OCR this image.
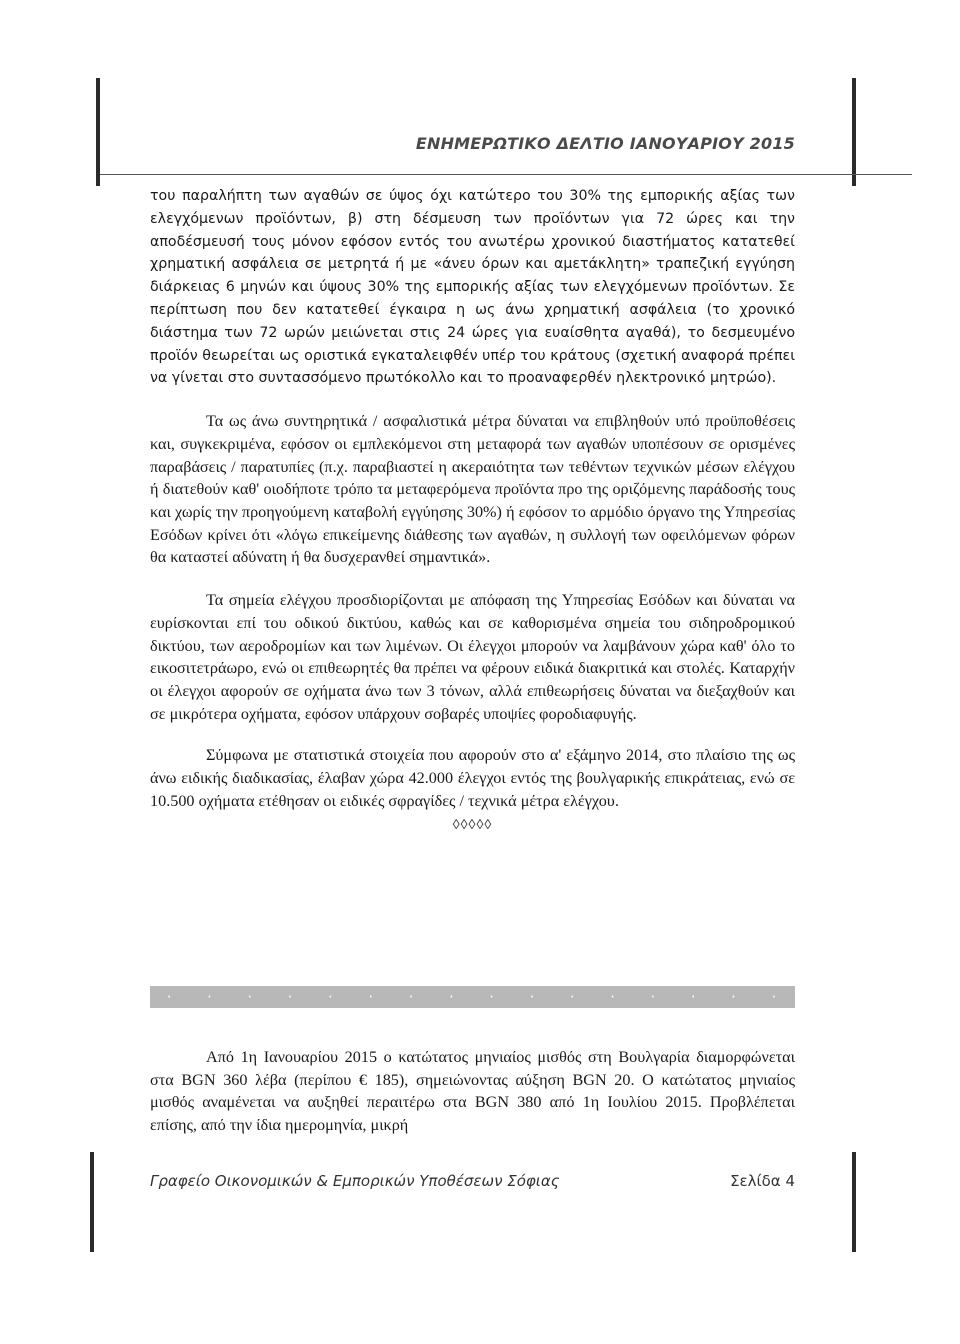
ΕΝΗΜΕΡΩΤΙΚΟ ΔΕΛΤΙΟ ΙΑΝΟΥΑΡΙΟΥ 2015

του παραλήπτη των αγαθών σε ύψος όχι κατώτερο του 30% της εμπορικής αξίας των ελεγχόμενων προϊόντων, β) στη δέσμευση των προϊόντων για 72 ώρες και την αποδέσμευσή τους μόνον εφόσον εντός του ανωτέρω χρονικού διαστήματος κατατεθεί χρηματική ασφάλεια σε μετρητά ή με «άνευ όρων και αμετάκλητη» τραπεζική εγγύηση διάρκειας 6 μηνών και ύψους 30% της εμπορικής αξίας των ελεγχόμενων προϊόντων. Σε περίπτωση που δεν κατατεθεί έγκαιρα η ως άνω χρηματική ασφάλεια (το χρονικό διάστημα των 72 ωρών μειώνεται στις 24 ώρες για ευαίσθητα αγαθά), το δεσμευμένο προϊόν θεωρείται ως οριστικά εγκαταλειφθέν υπέρ του κράτους (σχετική αναφορά πρέπει να γίνεται στο συντασσόμενο πρωτόκολλο και το προαναφερθέν ηλεκτρονικό μητρώο).

Τα ως άνω συντηρητικά / ασφαλιστικά μέτρα δύναται να επιβληθούν υπό προϋποθέσεις και, συγκεκριμένα, εφόσον οι εμπλεκόμενοι στη μεταφορά των αγαθών υποπέσουν σε ορισμένες παραβάσεις / παρατυπίες (π.χ. παραβιαστεί η ακεραιότητα των τεθέντων τεχνικών μέσων ελέγχου ή διατεθούν καθ' οιοδήποτε τρόπο τα μεταφερόμενα προϊόντα προ της οριζόμενης παράδοσής τους και χωρίς την προηγούμενη καταβολή εγγύησης 30%) ή εφόσον το αρμόδιο όργανο της Υπηρεσίας Εσόδων κρίνει ότι «λόγω επικείμενης διάθεσης των αγαθών, η συλλογή των οφειλόμενων φόρων θα καταστεί αδύνατη ή θα δυσχερανθεί σημαντικά».

Τα σημεία ελέγχου προσδιορίζονται με απόφαση της Υπηρεσίας Εσόδων και δύναται να ευρίσκονται επί του οδικού δικτύου, καθώς και σε καθορισμένα σημεία του σιδηροδρομικού δικτύου, των αεροδρομίων και των λιμένων. Οι έλεγχοι μπορούν να λαμβάνουν χώρα καθ' όλο το εικοσιτετράωρο, ενώ οι επιθεωρητές θα πρέπει να φέρουν ειδικά διακριτικά και στολές. Καταρχήν οι έλεγχοι αφορούν σε οχήματα άνω των 3 τόνων, αλλά επιθεωρήσεις δύναται να διεξαχθούν και σε μικρότερα οχήματα, εφόσον υπάρχουν σοβαρές υποψίες φοροδιαφυγής.

Σύμφωνα με στατιστικά στοιχεία που αφορούν στο α' εξάμηνο 2014, στο πλαίσιο της ως άνω ειδικής διαδικασίας, έλαβαν χώρα 42.000 έλεγχοι εντός της βουλγαρικής επικράτειας, ενώ σε 10.500 οχήματα ετέθησαν οι ειδικές σφραγίδες / τεχνικά μέτρα ελέγχου.

◊◊◊◊◊
·	·	·	·	·	·	·	·	·	·	·	·	·	·	·	·

Από 1η Ιανουαρίου 2015 ο κατώτατος μηνιαίος μισθός στη Βουλγαρία διαμορφώνεται στα BGN 360 λέβα (περίπου € 185), σημειώνοντας αύξηση BGN 20. Ο κατώτατος μηνιαίος μισθός αναμένεται να αυξηθεί περαιτέρω στα BGN 380 από 1η Ιουλίου 2015. Προβλέπεται επίσης, από την ίδια ημερομηνία, μικρή

Γραφείο Οικονομικών & Εμπορικών Υποθέσεων Σόφιας	Σελίδα 4
